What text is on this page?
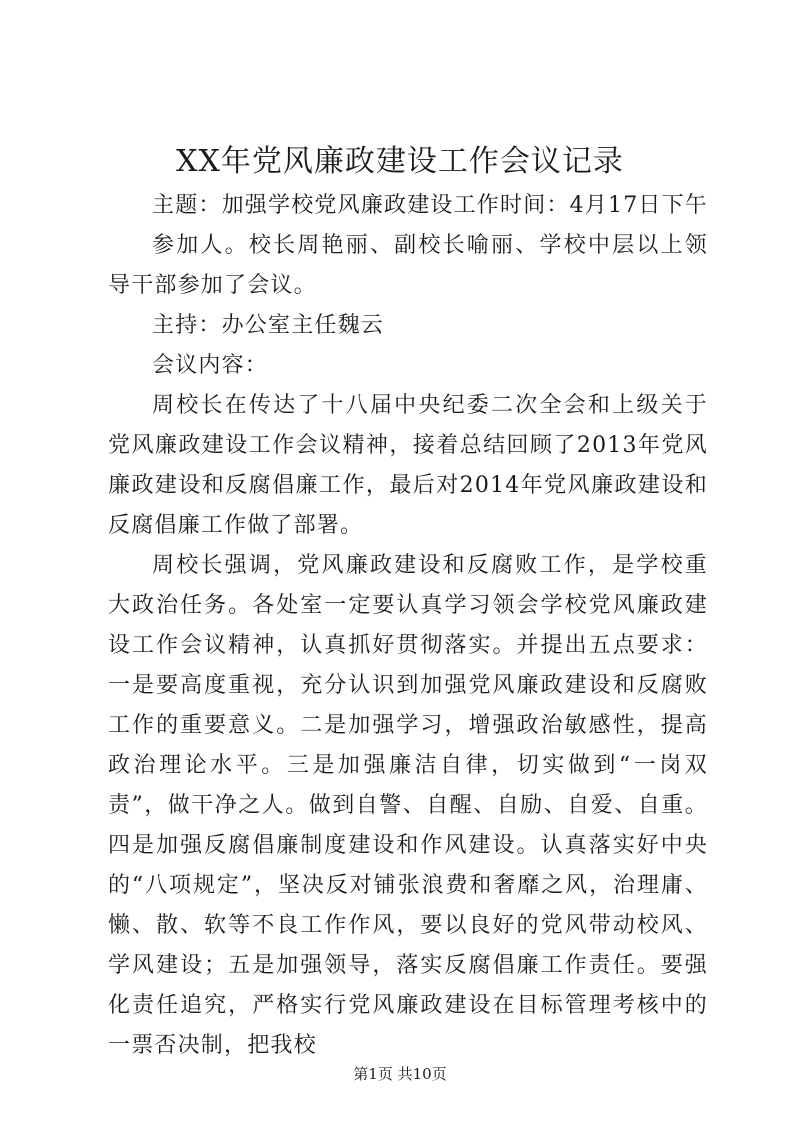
XX年党风廉政建设工作会议记录

主题：加强学校党风廉政建设工作时间：4月17日下午

参加人。校长周艳丽、副校长喻丽、学校中层以上领导干部参加了会议。

主持：办公室主任魏云

会议内容：

周校长在传达了十八届中央纪委二次全会和上级关于党风廉政建设工作会议精神，接着总结回顾了2013年党风廉政建设和反腐倡廉工作，最后对2014年党风廉政建设和反腐倡廉工作做了部署。

周校长强调，党风廉政建设和反腐败工作，是学校重大政治任务。各处室一定要认真学习领会学校党风廉政建设工作会议精神，认真抓好贯彻落实。并提出五点要求：一是要高度重视，充分认识到加强党风廉政建设和反腐败工作的重要意义。二是加强学习，增强政治敏感性，提高政治理论水平。三是加强廉洁自律，切实做到“一岗双责”，做干净之人。做到自警、自醒、自励、自爱、自重。四是加强反腐倡廉制度建设和作风建设。认真落实好中央的“八项规定”，坚决反对铺张浪费和奢靡之风，治理庸、懒、散、软等不良工作作风，要以良好的党风带动校风、学风建设；五是加强领导，落实反腐倡廉工作责任。要强化责任追究，严格实行党风廉政建设在目标管理考核中的一票否决制，把我校

第1页 共10页
